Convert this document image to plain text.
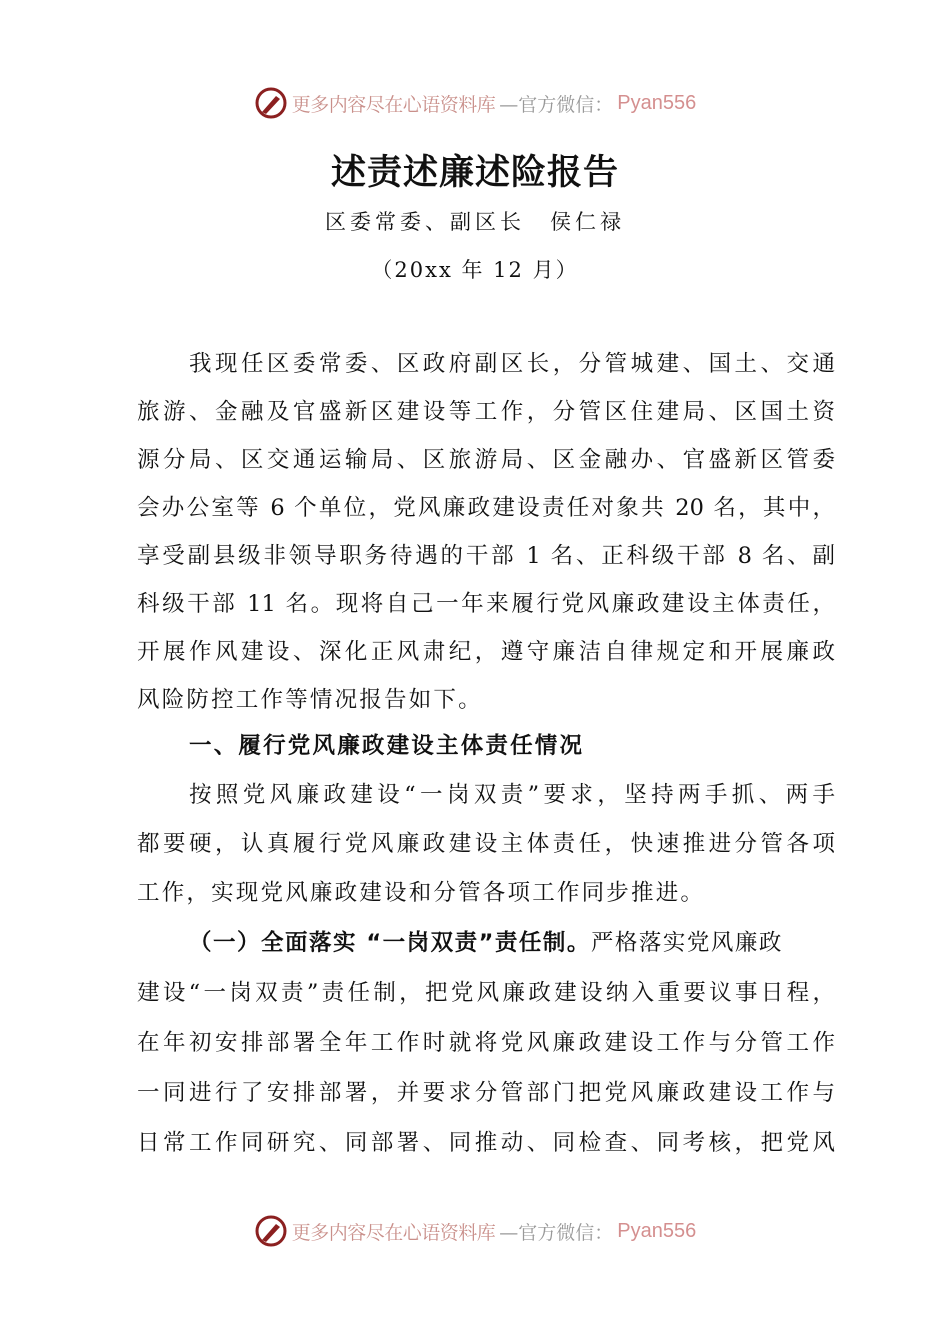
更多内容尽在心语资料库 —官方微信： Pyan556
述责述廉述险报告
区委常委、副区长　侯仁禄
（20xx 年 12 月）
我现任区委常委、区政府副区长，分管城建、国土、交通
旅游、金融及官盛新区建设等工作，分管区住建局、区国土资
源分局、区交通运输局、区旅游局、区金融办、官盛新区管委
会办公室等 6 个单位，党风廉政建设责任对象共 20 名，其中，
享受副县级非领导职务待遇的干部 1 名、正科级干部 8 名、副
科级干部 11 名。现将自己一年来履行党风廉政建设主体责任，
开展作风建设、深化正风肃纪，遵守廉洁自律规定和开展廉政
风险防控工作等情况报告如下。
一、履行党风廉政建设主体责任情况
按照党风廉政建设“一岗双责”要求，坚持两手抓、两手
都要硬，认真履行党风廉政建设主体责任，快速推进分管各项
工作，实现党风廉政建设和分管各项工作同步推进。
（一）全面落实 “一岗双责”责任制。严格落实党风廉政
建设“一岗双责”责任制，把党风廉政建设纳入重要议事日程，
在年初安排部署全年工作时就将党风廉政建设工作与分管工作
一同进行了安排部署，并要求分管部门把党风廉政建设工作与
日常工作同研究、同部署、同推动、同检查、同考核，把党风
更多内容尽在心语资料库 —官方微信： Pyan556
